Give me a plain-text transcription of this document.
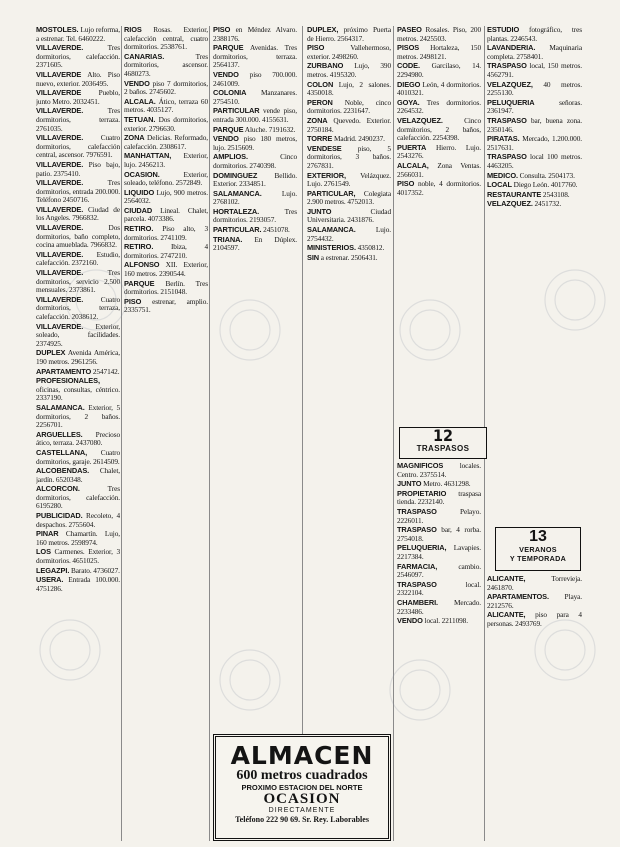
MOSTOLES. Lujo reforma, a estrenar. Tel. 6460222.

VILLAVERDE. Tres dormitorios, calefacción. 2371605.

VILLAVERDE Alto. Piso nuevo, exterior. 2036495.

VILLAVERDE Pueblo, junto Metro. 2032451.

VILLAVERDE. Tres dormitorios, terraza. 2761035.

VILLAVERDE. Cuatro dormitorios, calefacción central, ascensor. 7976591.

VILLAVERDE. Piso bajo, patio. 2375410.

VILLAVERDE. Tres dormitorios, entrada 200.000. Teléfono 2450716.

VILLAVERDE. Ciudad de los Angeles. 7966832.

VILLAVERDE. Dos dormitorios, baño completo, cocina amueblada. 7966832.

VILLAVERDE. Estudio, calefacción. 2372160.

VILLAVERDE. Tres dormitorios, servicio 2.500 mensuales. 2373861.

VILLAVERDE. Cuatro dormitorios, terraza, calefacción. 2038612.

VILLAVERDE. Exterior, soleado, facilidades. 2374925.

DUPLEX Avenida América, 190 metros. 2961256.

APARTAMENTO 2547142.

PROFESIONALES, oficinas, consultas, céntrico. 2337190.

SALAMANCA. Exterior, 5 dormitorios, 2 baños. 2256701.

ARGUELLES. Precioso ático, terraza. 2437080.

CASTELLANA, Cuatro dormitorios, garaje. 2614509.

ALCOBENDAS. Chalet, jardín. 6520348.

ALCORCON. Tres dormitorios, calefacción. 6195280.

PUBLICIDAD. Recoleto, 4 despachos. 2755604.

PINAR Chamartín. Lujo, 160 metros. 2598974.

LOS Carmenes. Exterior, 3 dormitorios. 4651025.

LEGAZPI. Barato. 4736027.

USERA. Entrada 100.000. 4751286.

RIOS Rosas. Exterior, calefacción central, cuatro dormitorios. 2538761.

CANARIAS. Tres dormitorios, ascensor. 4680273.

VENDO piso 7 dormitorios, 2 baños. 2745602.

ALCALA. Ático, terraza 60 metros. 4035127.

TETUAN. Dos dormitorios, exterior. 2796630.

ZONA Delicias. Reformado, calefacción. 2308617.

MANHATTAN, Exterior, lujo. 2456213.

OCASION. Exterior, soleado, teléfono. 2572849.

LIQUIDO Lujo, 900 metros. 2564032.

CIUDAD Lineal. Chalet, parcela. 4073386.

RETIRO. Piso alto, 3 dormitorios. 2741109.

RETIRO. Ibiza, 4 dormitorios. 2747210.

ALFONSO XII. Exterior, 160 metros. 2390544.

PARQUE Berlín. Tres dormitorios. 2151048.

PISO estrenar, amplio. 2335751.

PISO en Méndez Alvaro. 2388176.

PARQUE Avenidas. Tres dormitorios, terraza. 2564137.

VENDO piso 700.000. 2461009.

COLONIA Manzanares. 2754510.

PARTICULAR vende piso, entrada 300.000. 4155631.

PARQUE Aluche. 7191632.

VENDO piso 180 metros, lujo. 2515609.

AMPLIOS. Cinco dormitorios. 2740398.

DOMINGUEZ Bellido. Exterior. 2334851.

SALAMANCA. Lujo. 2768102.

HORTALEZA. Tres dormitorios. 2193057.

PARTICULAR. 2451078.

TRIANA. En Dúplex. 2104597.

DUPLEX, próximo Puerta de Hierro. 2564317.

PISO Vallehermoso, exterior. 2498260.

ZURBANO Lujo, 390 metros. 4195320.

COLON Lujo, 2 salones. 4350018.

PERON Noble, cinco dormitorios. 2231647.

ZONA Quevedo. Exterior. 2750184.

TORRE Madrid. 2490237.

VENDESE piso, 5 dormitorios, 3 baños. 2767831.

EXTERIOR, Velázquez. Lujo. 2761549.

PARTICULAR, Colegiata 2.900 metros. 4752013.

JUNTO Ciudad Universitaria. 2431876.

SALAMANCA. Lujo. 2754432.

MINISTERIOS. 4350812.

SIN a estrenar. 2506431.

PASEO Rosales. Piso, 200 metros. 2425503.

PISOS Hortaleza, 150 metros. 2498121.

CODE. Garcilaso, 14. 2294980.

DIEGO León, 4 dormitorios. 4010321.

GOYA. Tres dormitorios. 2264532.

VELAZQUEZ. Cinco dormitorios, 2 baños, calefacción. 2254398.

PUERTA Hierro. Lujo. 2543276.

ALCALA, Zona Ventas. 2566031.

PISO noble, 4 dormitorios. 4017352.

ESTUDIO fotográfico, tres plantas. 2246543.

LAVANDERIA. Maquinaria completa. 2758401.

TRASPASO local, 150 metros. 4562791.

VELAZQUEZ, 40 metros. 2255130.

PELUQUERIA señoras. 2361947.

TRASPASO bar, buena zona. 2350146.

PIRATAS. Mercado, 1.200.000. 2517631.

TRASPASO local 100 metros. 4463205.

MEDICO. Consulta. 2504173.

LOCAL Diego León. 4017760.

RESTAURANTE 2543108.

VELAZQUEZ. 2451732.

MAGNIFICOS locales. Centro. 2375514.

JUNTO Metro. 4631298.

PROPIETARIO traspasa tienda. 2232140.

TRASPASO Pelayo. 2226011.

TRASPASO bar, 4 rorba. 2754018.

PELUQUERIA, Lavapies. 2217384.

FARMACIA, cambio. 2546097.

TRASPASO local. 2322104.

CHAMBERI. Mercado. 2233486.

VENDO local. 2211098.

ALICANTE, Torrevieja. 2461870.

APARTAMENTOS. Playa. 2212576.

ALICANTE, piso para 4 personas. 2493769.

12
TRASPASOS
13
VERANOS
Y TEMPORADA
ALMACEN
600 metros cuadrados
PROXIMO ESTACION DEL NORTE
OCASION
DIRECTAMENTE
Teléfono 222 90 69. Sr. Rey. Laborables
